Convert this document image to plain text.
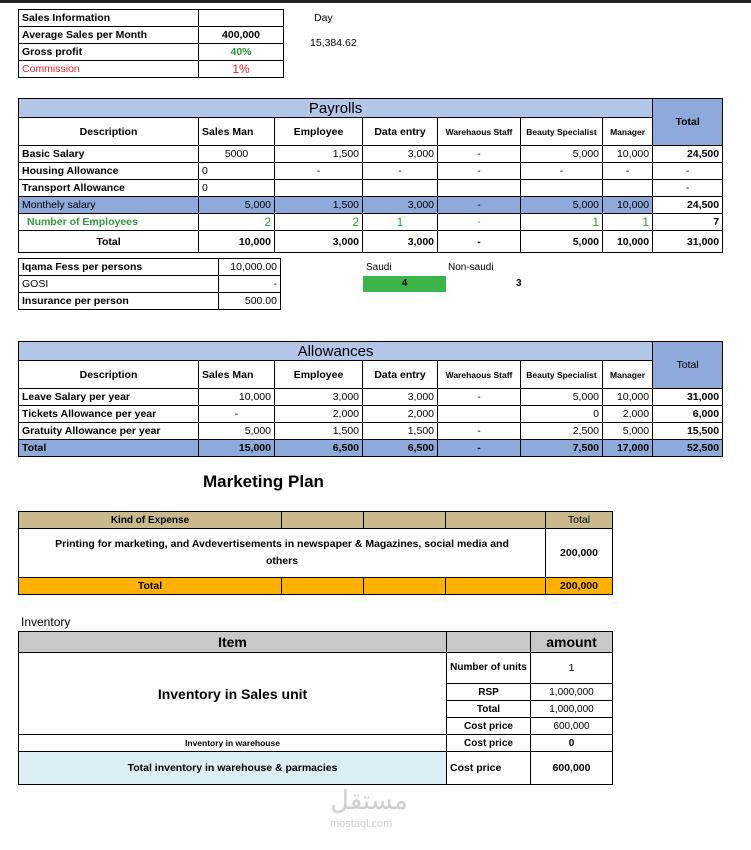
Sales Information	
Average Sales per Month	400,000
Gross profit	40%
Commission	1%
Day
15,384.62
Payrolls							Total
Description	Sales Man	Employee	Data entry	Warehaous Staff	Beauty Specialist	Manager	
Basic Salary	5000	1,500	3,000	-	5,000	10,000	24,500
Housing Allowance	0	-	-	-	-	-	-
Transport Allowance	0						-
Monthely salary	5,000	1,500	3,000	-	5,000	10,000	24,500
Number of Employees	2	2	1	-	1	1	7
Total	10,000	3,000	3,000	-	5,000	10,000	31,000
Iqama Fess per persons	10,000.00
GOSI	-
Insurance per person	500.00
Saudi	Non-saudi
4	3
Allowances							Total
Description	Sales Man	Employee	Data entry	Warehaous Staff	Beauty Specialist	Manager	
Leave Salary per year	10,000	3,000	3,000	-	5,000	10,000	31,000
Tickets Allowance per year	-	2,000	2,000		0	2,000	6,000
Gratuity Allowance per year	5,000	1,500	1,500	-	2,500	5,000	15,500
Total	15,000	6,500	6,500	-	7,500	17,000	52,500
Marketing Plan
Kind of Expense				Total

Printing for marketing, and Avdevertisements in newspaper & Magazines, social media and
others				200,000
Total				200,000
Inventory
Item		amount
Inventory in Sales unit	Number of units	1
	RSP	1,000,000
	Total	1,000,000
	Cost price	600,000
Inventory in warehouse	Cost price	0
Total inventory in warehouse & parmacies	Cost price	600,000
مستقل
mostaql.com
